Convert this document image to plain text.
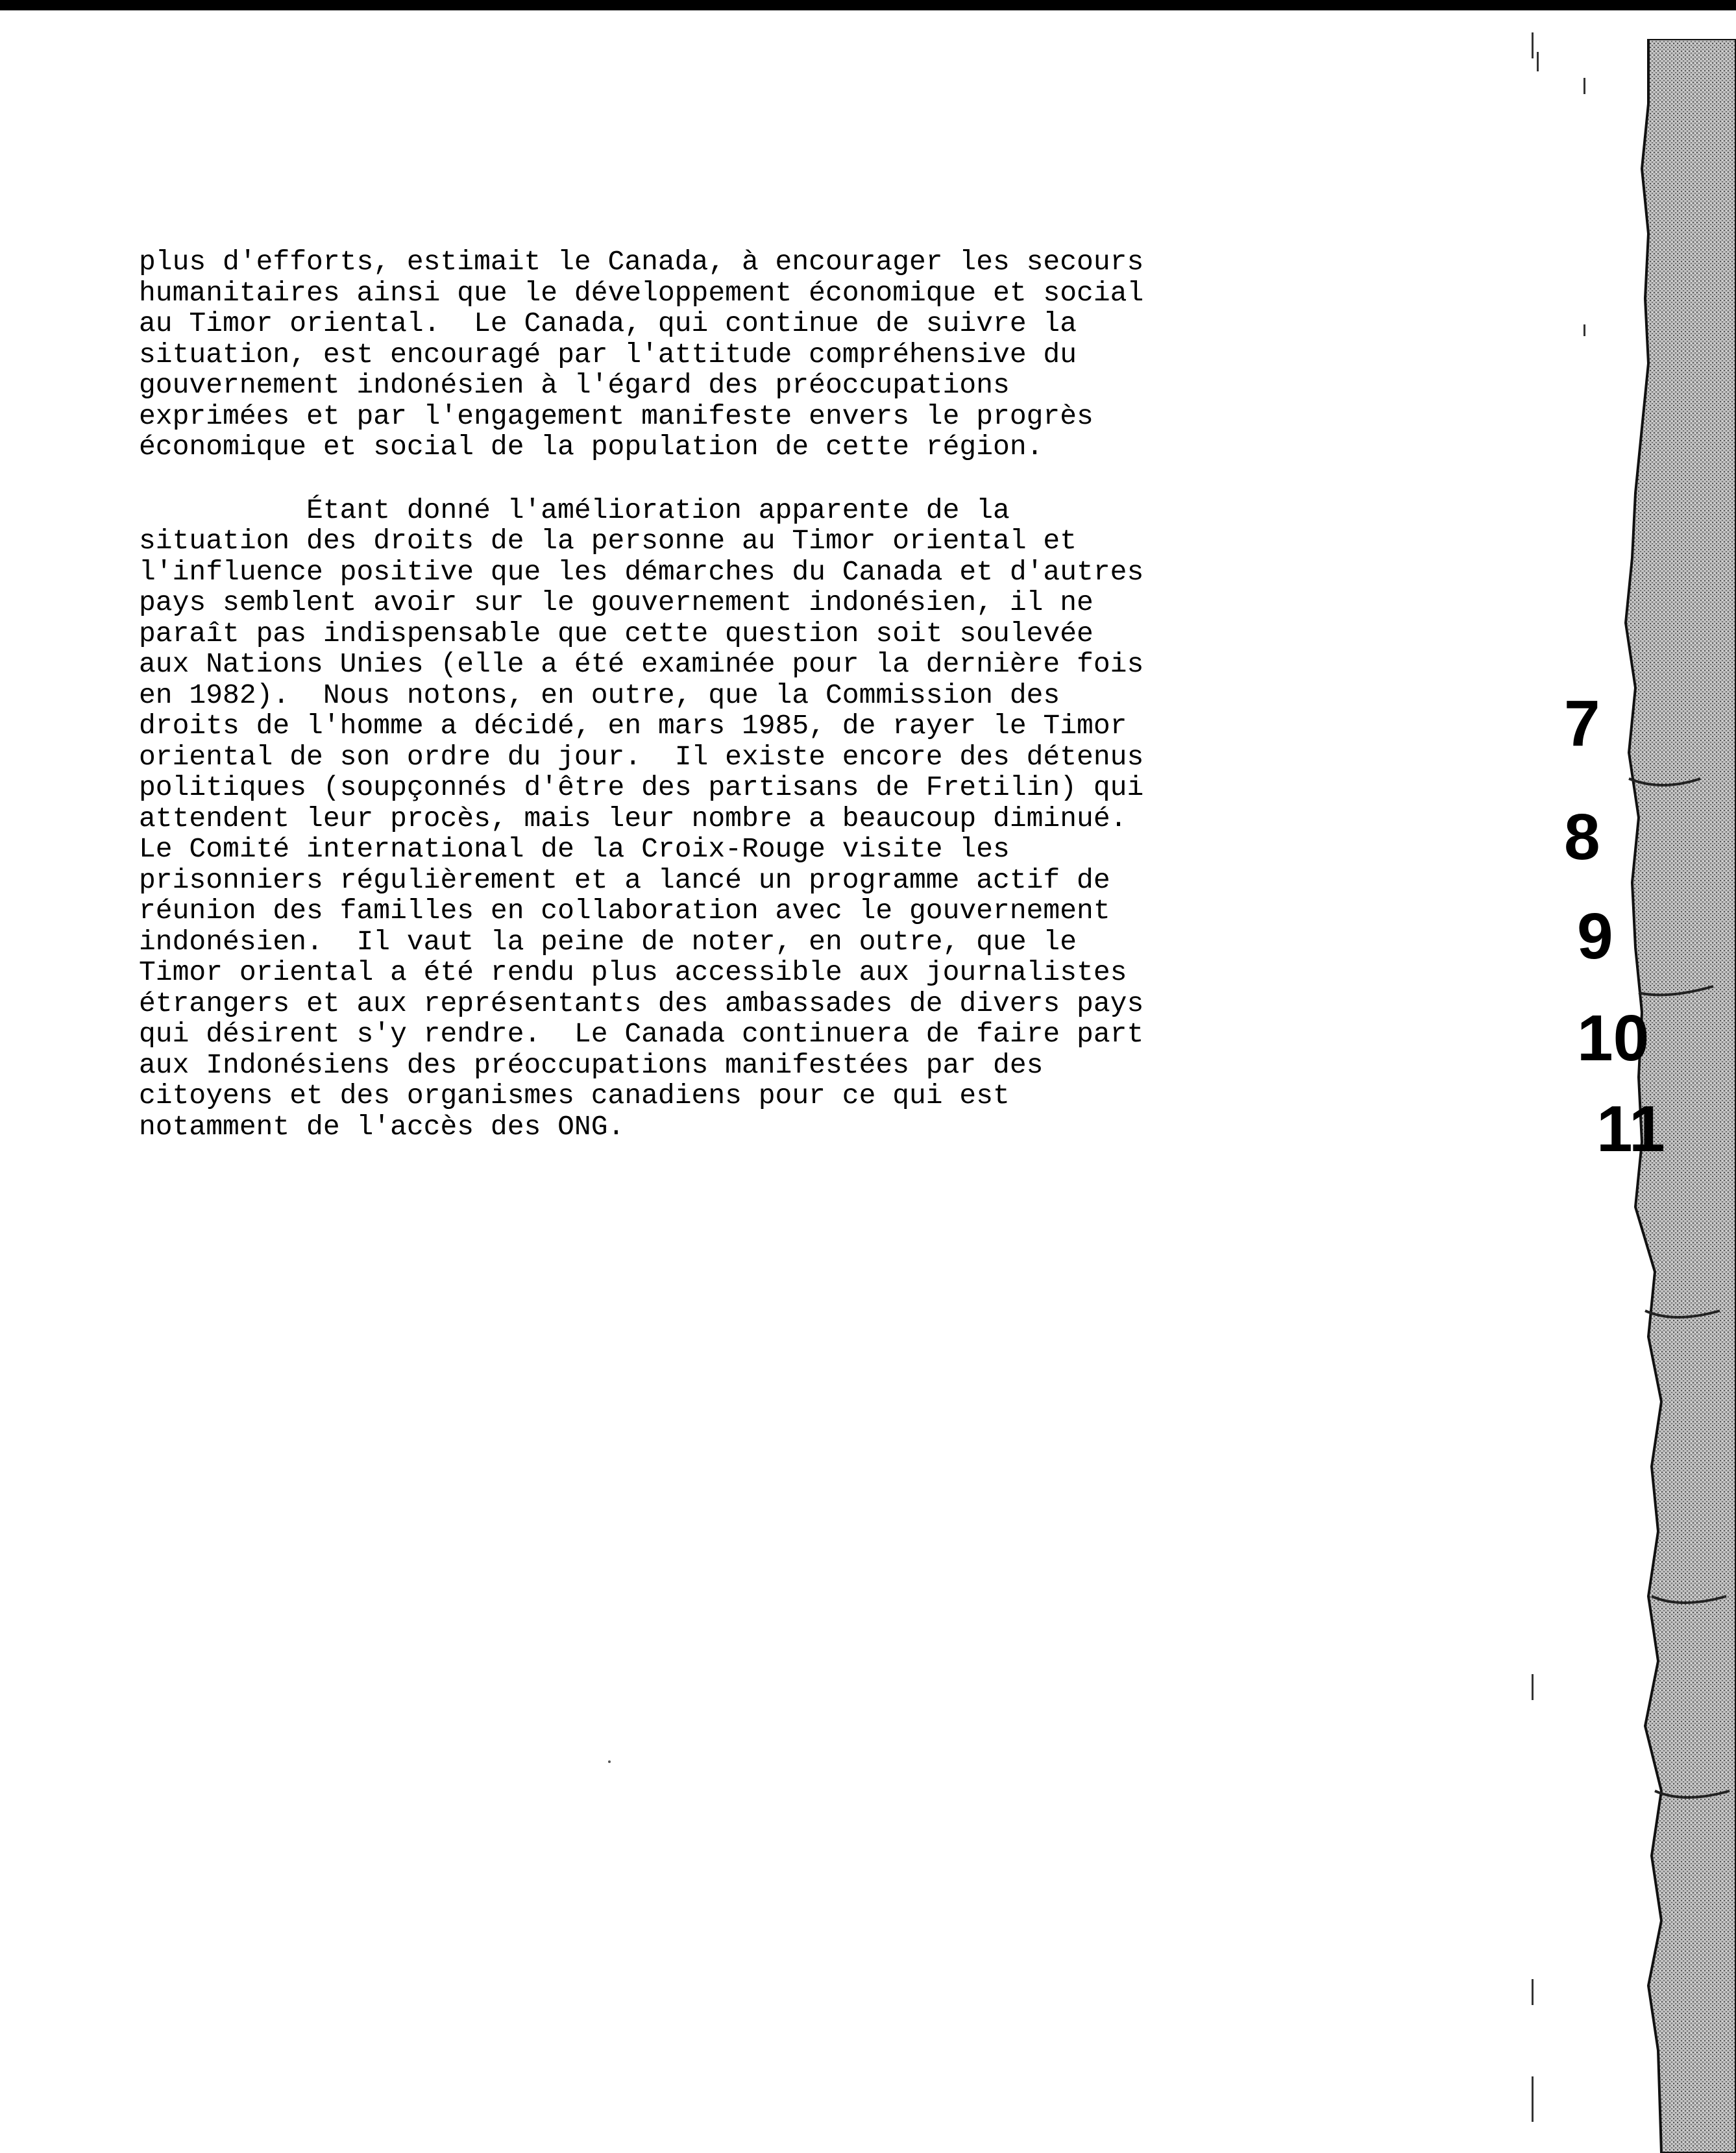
plus d'efforts, estimait le Canada, à encourager les secours
humanitaires ainsi que le développement économique et social
au Timor oriental.  Le Canada, qui continue de suivre la
situation, est encouragé par l'attitude compréhensive du
gouvernement indonésien à l'égard des préoccupations
exprimées et par l'engagement manifeste envers le progrès
économique et social de la population de cette région.
Étant donné l'amélioration apparente de la
situation des droits de la personne au Timor oriental et
l'influence positive que les démarches du Canada et d'autres
pays semblent avoir sur le gouvernement indonésien, il ne
paraît pas indispensable que cette question soit soulevée
aux Nations Unies (elle a été examinée pour la dernière fois
en 1982).  Nous notons, en outre, que la Commission des
droits de l'homme a décidé, en mars 1985, de rayer le Timor
oriental de son ordre du jour.  Il existe encore des détenus
politiques (soupçonnés d'être des partisans de Fretilin) qui
attendent leur procès, mais leur nombre a beaucoup diminué.
Le Comité international de la Croix-Rouge visite les
prisonniers régulièrement et a lancé un programme actif de
réunion des familles en collaboration avec le gouvernement
indonésien.  Il vaut la peine de noter, en outre, que le
Timor oriental a été rendu plus accessible aux journalistes
étrangers et aux représentants des ambassades de divers pays
qui désirent s'y rendre.  Le Canada continuera de faire part
aux Indonésiens des préoccupations manifestées par des
citoyens et des organismes canadiens pour ce qui est
notamment de l'accès des ONG.
7
8
9
10
11
